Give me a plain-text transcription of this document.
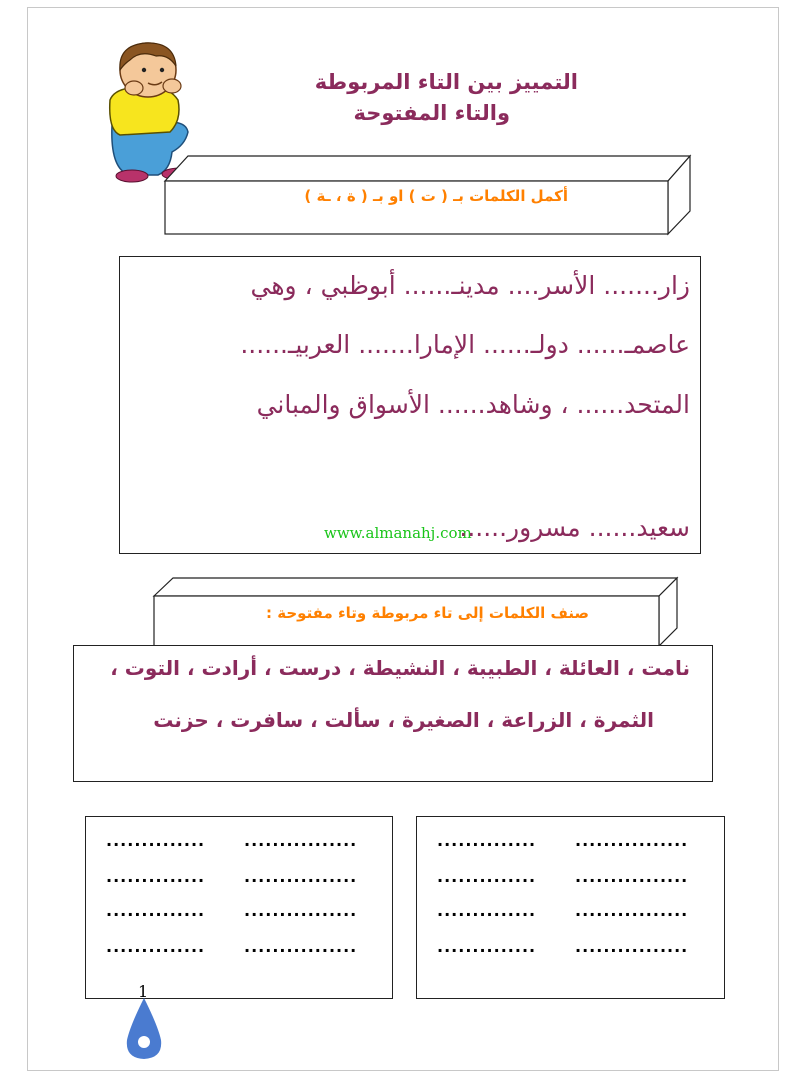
التمييز بين التاء المربوطة
والتاء المفتوحة
أكمل الكلمات بـ ( ت ) او بـ ( ة ، ـة )
زار....... الأسر.... مدينـ...... أبوظبي ، وهي
عاصمـ...... دولـ...... الإمارا....... العربيـ......
المتحد...... ، وشاهد...... الأسواق والمباني
www.almanahj.com
سعيد...... مسرور......
صنف الكلمات إلى تاء مربوطة وتاء مفتوحة :
نامت ، العائلة ، الطبيبة ، النشيطة ، درست ، أرادت ، التوت ،
الثمرة ، الزراعة ، الصغيرة ، سألت ، سافرت ، حزنت
.............. ................
.............. ................
.............. ................
.............. ................
.............. ................
.............. ................
.............. ................
.............. ................
1
